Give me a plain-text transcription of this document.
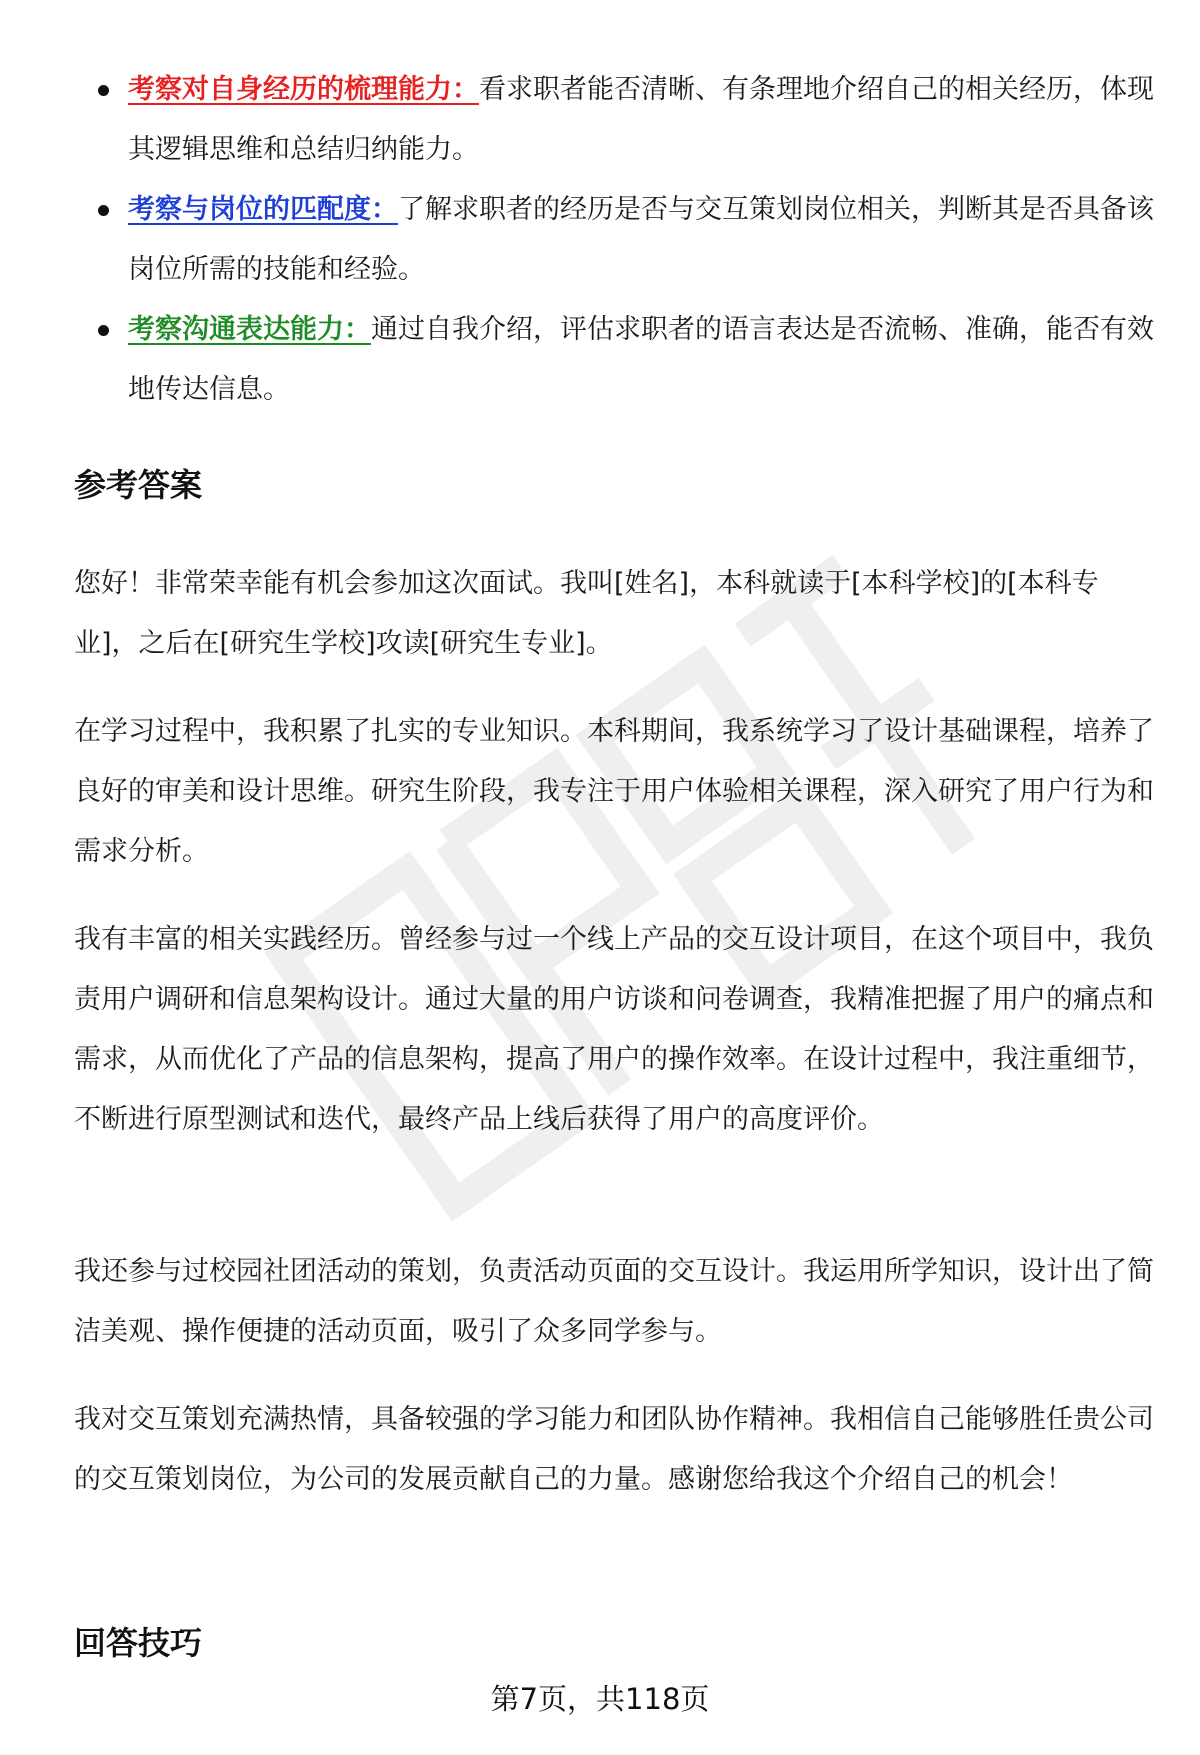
考察对自身经历的梳理能力：看求职者能否清晰、有条理地介绍自己的相关经历，体现其逻辑思维和总结归纳能力。
考察与岗位的匹配度：了解求职者的经历是否与交互策划岗位相关，判断其是否具备该岗位所需的技能和经验。
考察沟通表达能力：通过自我介绍，评估求职者的语言表达是否流畅、准确，能否有效地传达信息。
参考答案

您好！非常荣幸能有机会参加这次面试。我叫[姓名]，本科就读于[本科学校]的[本科专业]，之后在[研究生学校]攻读[研究生专业]。

在学习过程中，我积累了扎实的专业知识。本科期间，我系统学习了设计基础课程，培养了良好的审美和设计思维。研究生阶段，我专注于用户体验相关课程，深入研究了用户行为和需求分析。

我有丰富的相关实践经历。曾经参与过一个线上产品的交互设计项目，在这个项目中，我负责用户调研和信息架构设计。通过大量的用户访谈和问卷调查，我精准把握了用户的痛点和需求，从而优化了产品的信息架构，提高了用户的操作效率。在设计过程中，我注重细节，不断进行原型测试和迭代，最终产品上线后获得了用户的高度评价。

我还参与过校园社团活动的策划，负责活动页面的交互设计。我运用所学知识，设计出了简洁美观、操作便捷的活动页面，吸引了众多同学参与。

我对交互策划充满热情，具备较强的学习能力和团队协作精神。我相信自己能够胜任贵公司的交互策划岗位，为公司的发展贡献自己的力量。感谢您给我这个介绍自己的机会！

回答技巧
第7页，共118页
